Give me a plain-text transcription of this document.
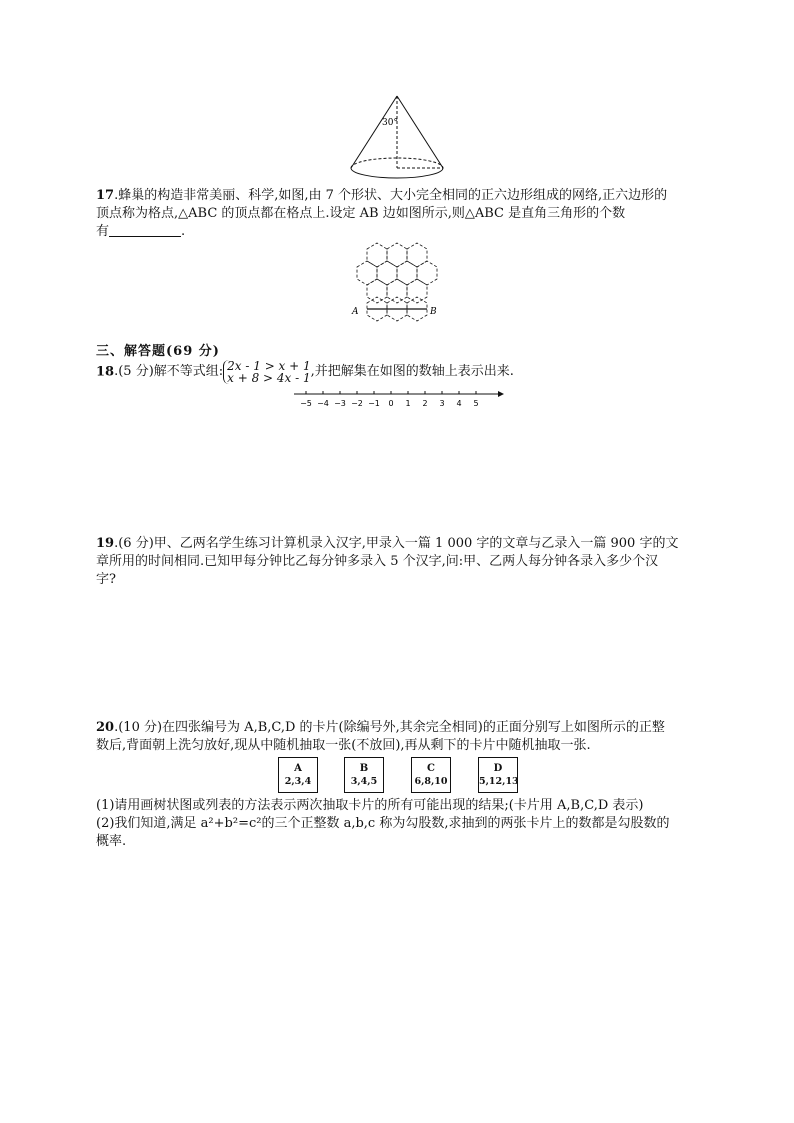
30°
17.蜂巢的构造非常美丽、科学,如图,由 7 个形状、大小完全相同的正六边形组成的网络,正六边形的
顶点称为格点,△ABC 的顶点都在格点上.设定 AB 边如图所示,则△ABC 是直角三角形的个数
有	.
A	B
三、解答题(69 分)
18.(5 分)解不等式组: 2x - 1 > x + 1
x + 8 > 4x - 1,并把解集在如图的数轴上表示出来.
−5 −4 −3 −2 −1 0 1 2 3 4 5
19.(6 分)甲、乙两名学生练习计算机录入汉字,甲录入一篇 1 000 字的文章与乙录入一篇 900 字的文
章所用的时间相同.已知甲每分钟比乙每分钟多录入 5 个汉字,问:甲、乙两人每分钟各录入多少个汉
字?
20.(10 分)在四张编号为 A,B,C,D 的卡片(除编号外,其余完全相同)的正面分别写上如图所示的正整
数后,背面朝上洗匀放好,现从中随机抽取一张(不放回),再从剩下的卡片中随机抽取一张.
A
2,3,4
B
3,4,5
C
6,8,10
D
5,12,13
(1)请用画树状图或列表的方法表示两次抽取卡片的所有可能出现的结果;(卡片用 A,B,C,D 表示)
(2)我们知道,满足 a²+b²=c²的三个正整数 a,b,c 称为勾股数,求抽到的两张卡片上的数都是勾股数的
概率.
